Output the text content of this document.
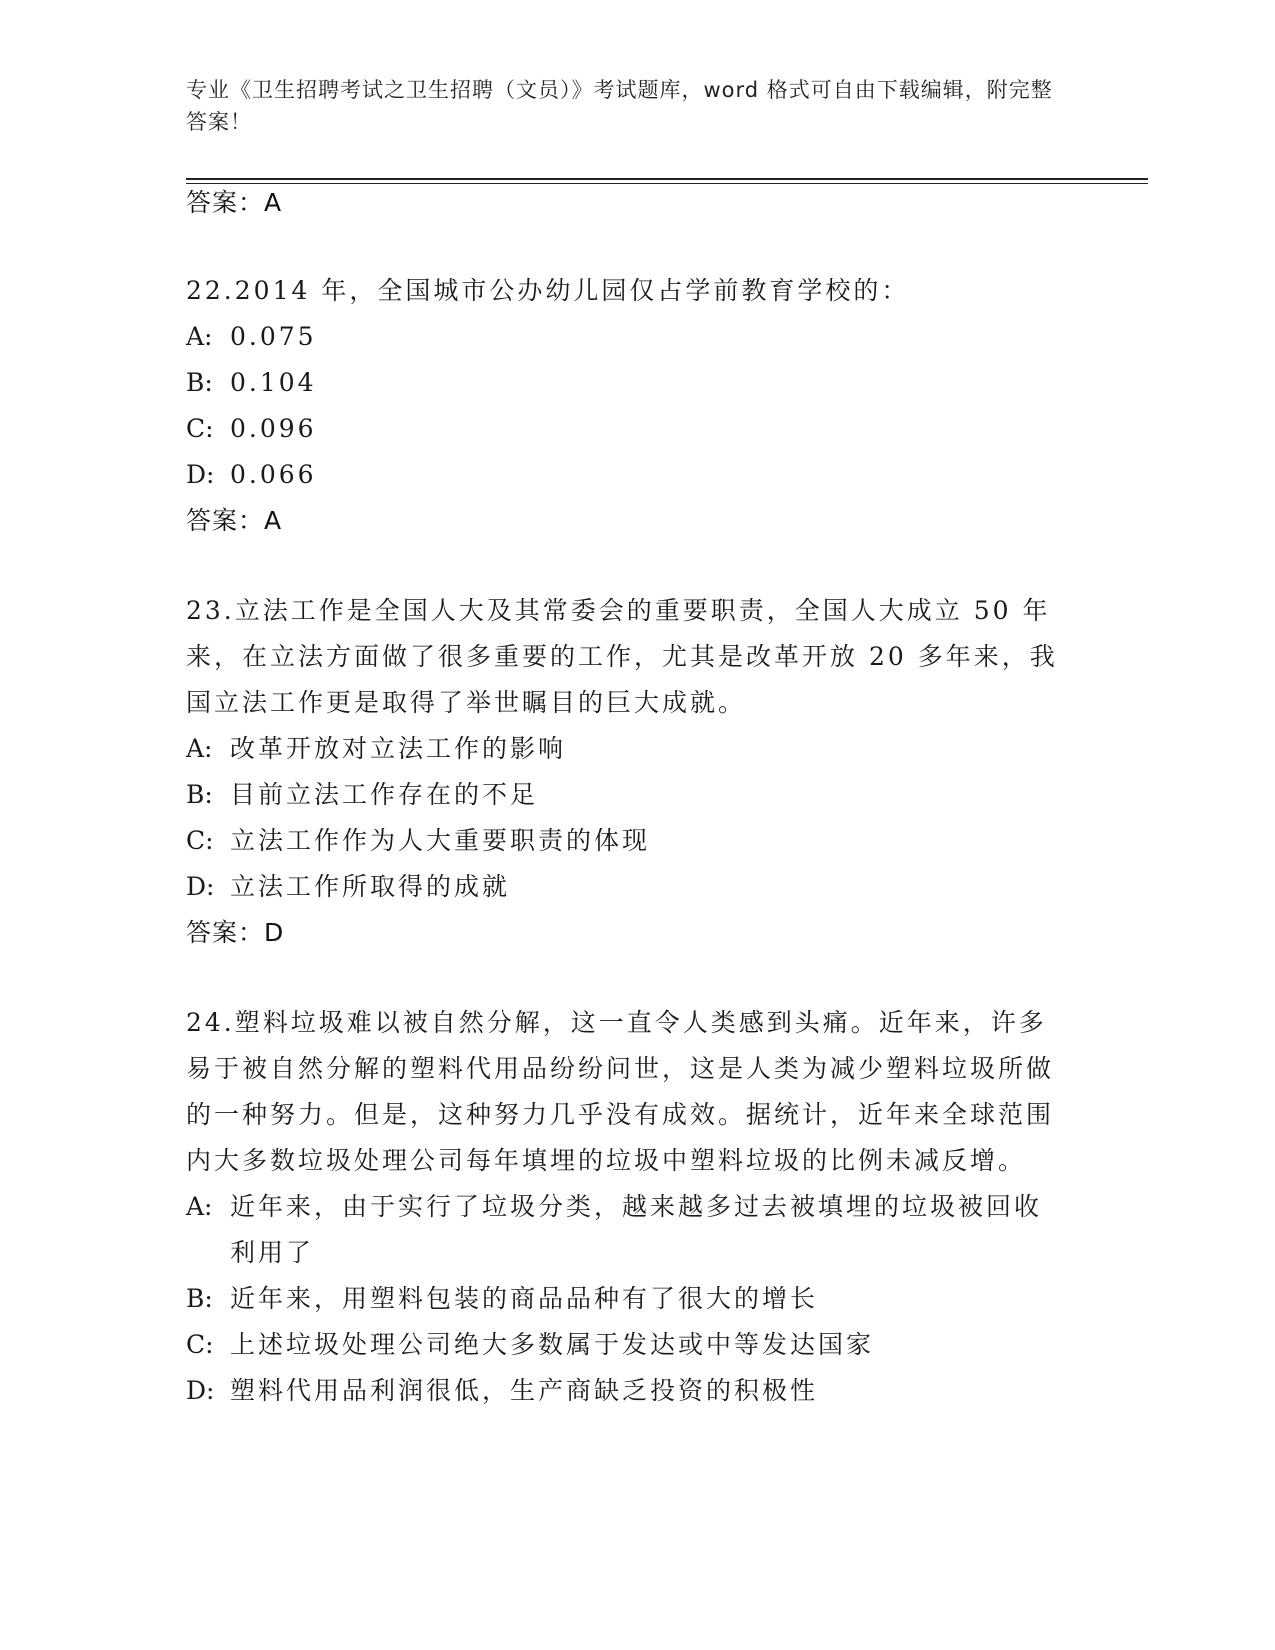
专业《卫生招聘考试之卫生招聘（文员）》考试题库，word 格式可自由下载编辑，附完整答案！

答案：A

22.2014 年，全国城市公办幼儿园仅占学前教育学校的：

A: 0.075
B: 0.104
C: 0.096
D: 0.066

答案：A

23.立法工作是全国人大及其常委会的重要职责，全国人大成立 50 年来，在立法方面做了很多重要的工作，尤其是改革开放 20 多年来，我国立法工作更是取得了举世瞩目的巨大成就。

A: 改革开放对立法工作的影响
B: 目前立法工作存在的不足
C: 立法工作作为人大重要职责的体现
D: 立法工作所取得的成就

答案：D

24.塑料垃圾难以被自然分解，这一直令人类感到头痛。近年来，许多易于被自然分解的塑料代用品纷纷问世，这是人类为减少塑料垃圾所做的一种努力。但是，这种努力几乎没有成效。据统计，近年来全球范围内大多数垃圾处理公司每年填埋的垃圾中塑料垃圾的比例未减反增。

A: 近年来，由于实行了垃圾分类，越来越多过去被填埋的垃圾被回收利用了
B: 近年来，用塑料包装的商品品种有了很大的增长
C: 上述垃圾处理公司绝大多数属于发达或中等发达国家
D: 塑料代用品利润很低，生产商缺乏投资的积极性
